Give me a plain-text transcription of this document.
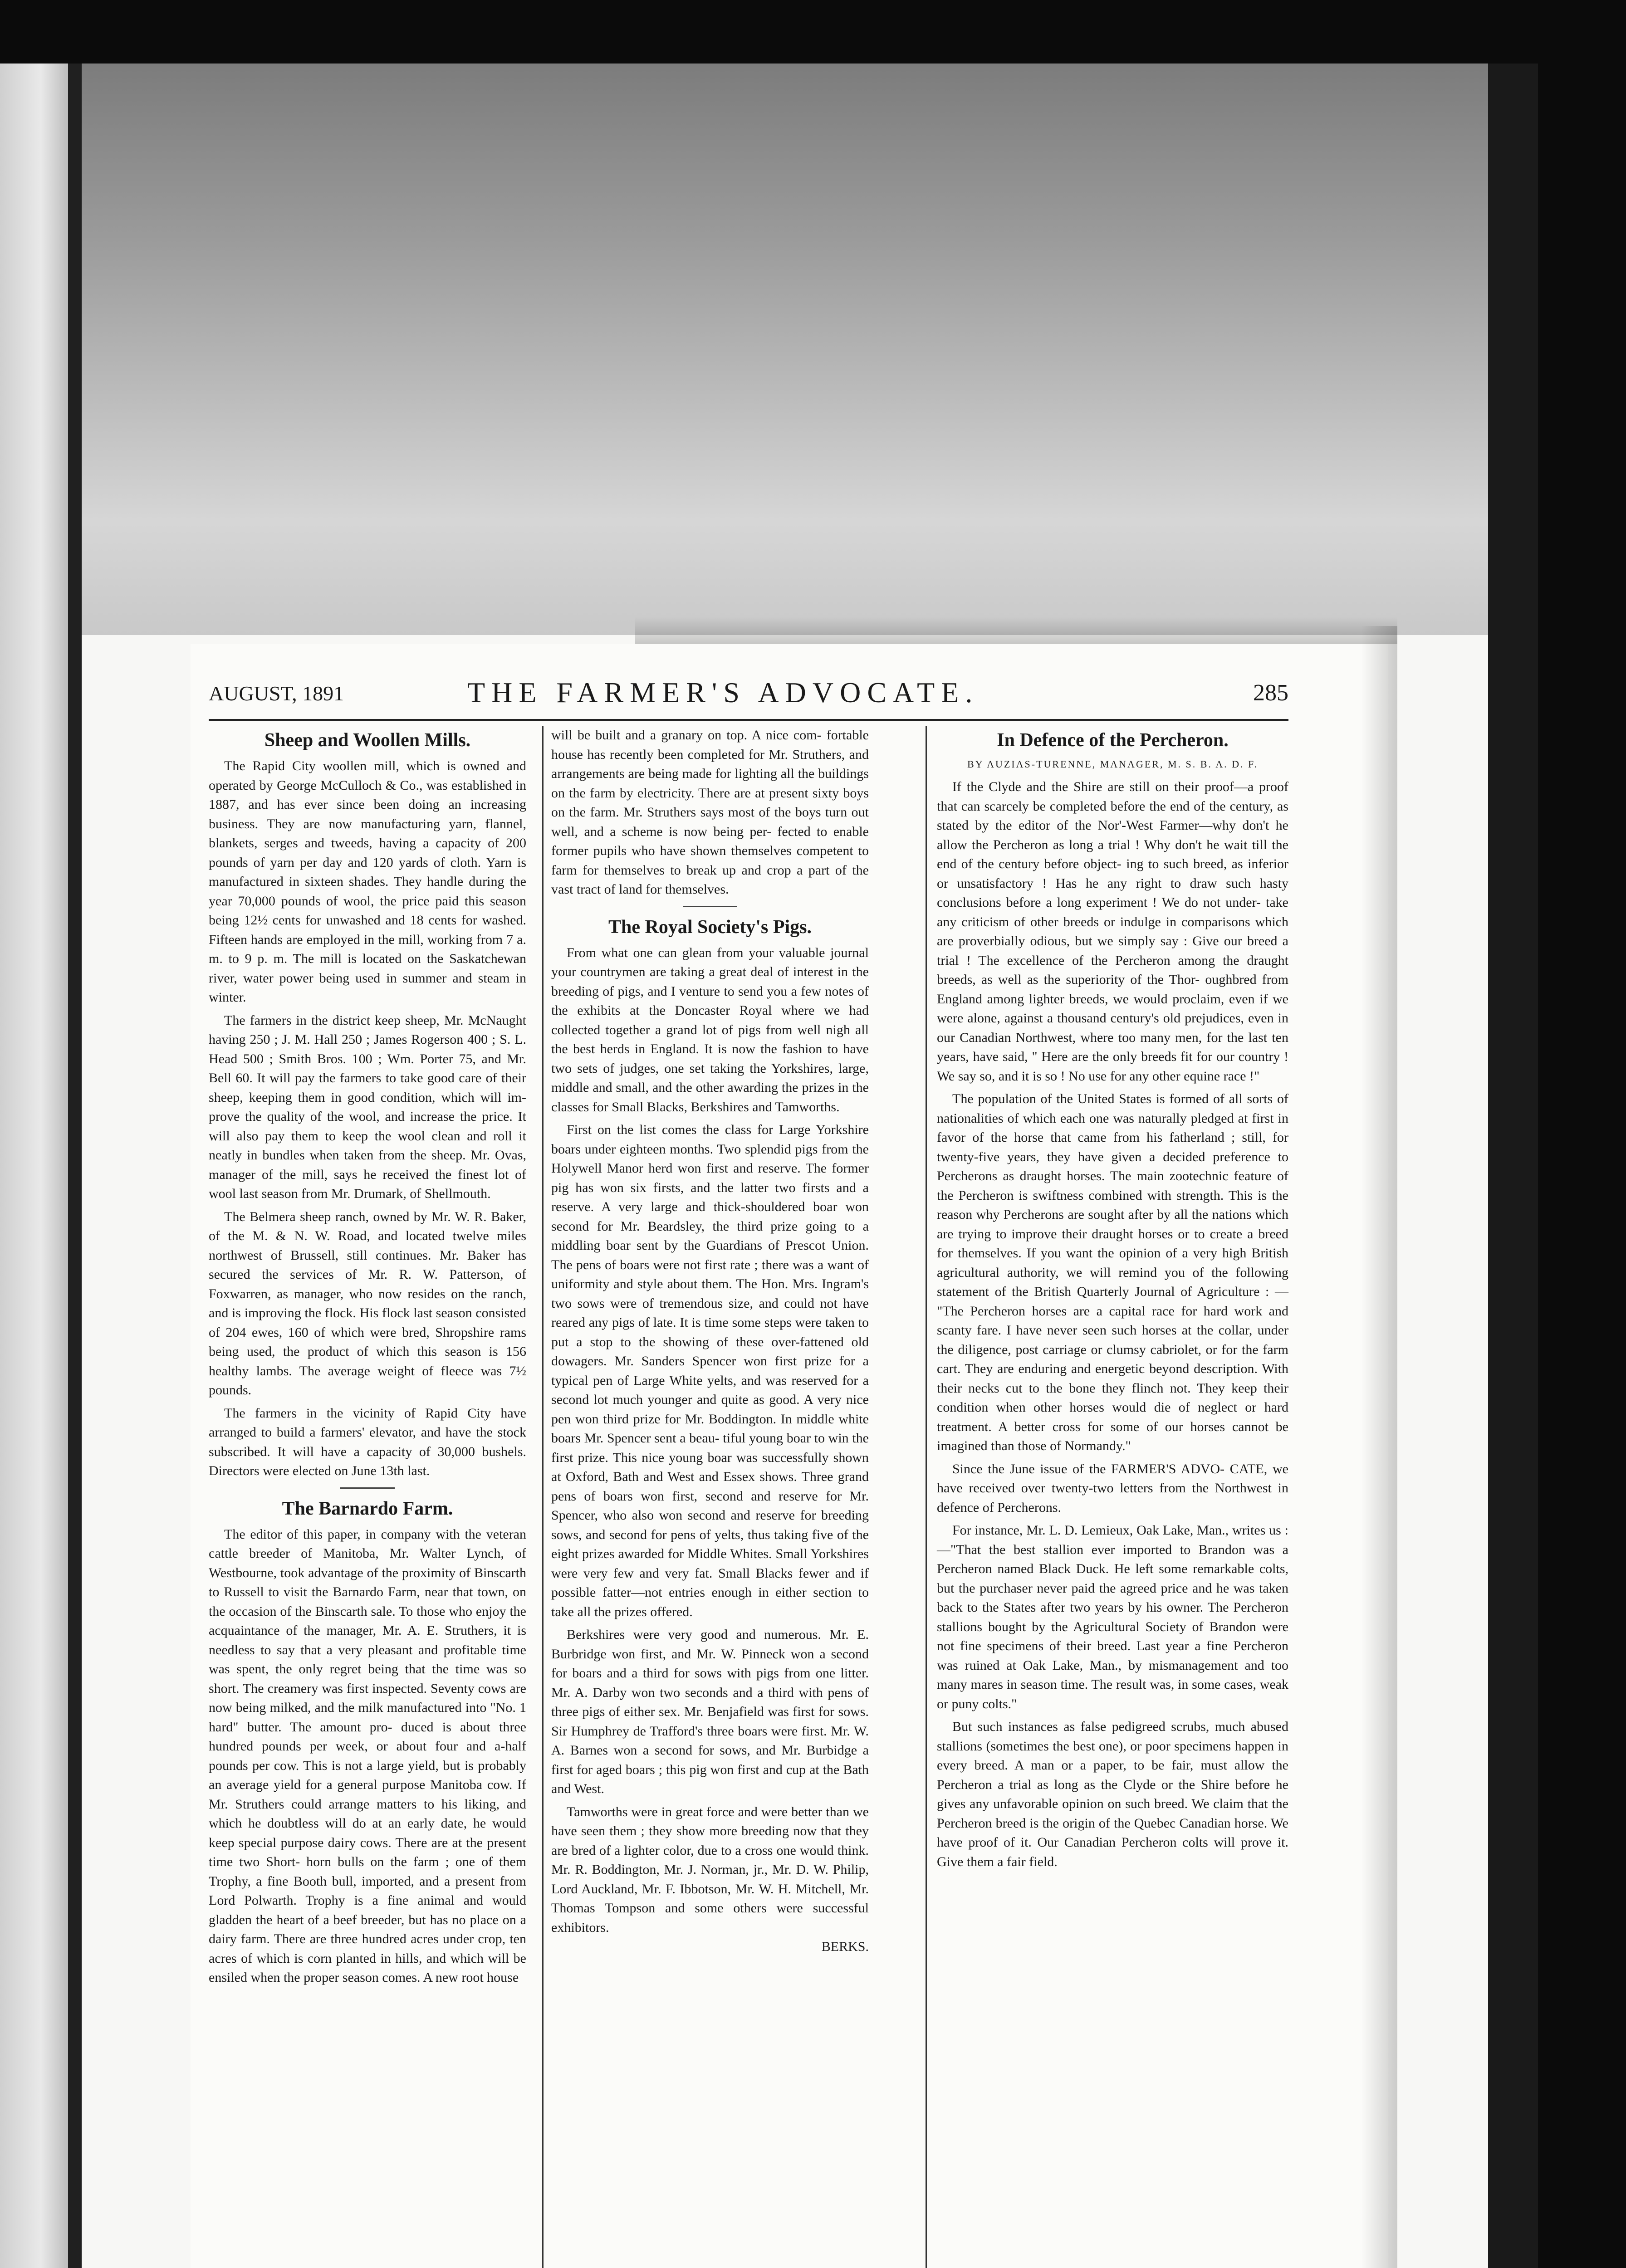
AUGUST, 1891	THE FARMER'S ADVOCATE.	285
Sheep and Woollen Mills.

The Rapid City woollen mill, which is owned and operated by George McCulloch & Co., was established in 1887, and has ever since been doing an increasing business. They are now manufacturing yarn, flannel, blankets, serges and tweeds, having a capacity of 200 pounds of yarn per day and 120 yards of cloth. Yarn is manufactured in sixteen shades. They handle during the year 70,000 pounds of wool, the price paid this season being 12½ cents for unwashed and 18 cents for washed. Fifteen hands are employed in the mill, working from 7 a. m. to 9 p. m. The mill is located on the Saskatchewan river, water power being used in summer and steam in winter.

The farmers in the district keep sheep, Mr. McNaught having 250 ; J. M. Hall 250 ; James Rogerson 400 ; S. L. Head 500 ; Smith Bros. 100 ; Wm. Porter 75, and Mr. Bell 60. It will pay the farmers to take good care of their sheep, keeping them in good condition, which will im- prove the quality of the wool, and increase the price. It will also pay them to keep the wool clean and roll it neatly in bundles when taken from the sheep. Mr. Ovas, manager of the mill, says he received the finest lot of wool last season from Mr. Drumark, of Shellmouth.

The Belmera sheep ranch, owned by Mr. W. R. Baker, of the M. & N. W. Road, and located twelve miles northwest of Brussell, still continues. Mr. Baker has secured the services of Mr. R. W. Patterson, of Foxwarren, as manager, who now resides on the ranch, and is improving the flock. His flock last season consisted of 204 ewes, 160 of which were bred, Shropshire rams being used, the product of which this season is 156 healthy lambs. The average weight of fleece was 7½ pounds.

The farmers in the vicinity of Rapid City have arranged to build a farmers' elevator, and have the stock subscribed. It will have a capacity of 30,000 bushels. Directors were elected on June 13th last.

The Barnardo Farm.

The editor of this paper, in company with the veteran cattle breeder of Manitoba, Mr. Walter Lynch, of Westbourne, took advantage of the proximity of Binscarth to Russell to visit the Barnardo Farm, near that town, on the occasion of the Binscarth sale. To those who enjoy the acquaintance of the manager, Mr. A. E. Struthers, it is needless to say that a very pleasant and profitable time was spent, the only regret being that the time was so short. The creamery was first inspected. Seventy cows are now being milked, and the milk manufactured into "No. 1 hard" butter. The amount pro- duced is about three hundred pounds per week, or about four and a-half pounds per cow. This is not a large yield, but is probably an average yield for a general purpose Manitoba cow. If Mr. Struthers could arrange matters to his liking, and which he doubtless will do at an early date, he would keep special purpose dairy cows. There are at the present time two Short- horn bulls on the farm ; one of them Trophy, a fine Booth bull, imported, and a present from Lord Polwarth. Trophy is a fine animal and would gladden the heart of a beef breeder, but has no place on a dairy farm. There are three hundred acres under crop, ten acres of which is corn planted in hills, and which will be ensiled when the proper season comes. A new root house

will be built and a granary on top. A nice com- fortable house has recently been completed for Mr. Struthers, and arrangements are being made for lighting all the buildings on the farm by electricity. There are at present sixty boys on the farm. Mr. Struthers says most of the boys turn out well, and a scheme is now being per- fected to enable former pupils who have shown themselves competent to farm for themselves to break up and crop a part of the vast tract of land for themselves.

The Royal Society's Pigs.

From what one can glean from your valuable journal your countrymen are taking a great deal of interest in the breeding of pigs, and I venture to send you a few notes of the exhibits at the Doncaster Royal where we had collected together a grand lot of pigs from well nigh all the best herds in England. It is now the fashion to have two sets of judges, one set taking the Yorkshires, large, middle and small, and the other awarding the prizes in the classes for Small Blacks, Berkshires and Tamworths.

First on the list comes the class for Large Yorkshire boars under eighteen months. Two splendid pigs from the Holywell Manor herd won first and reserve. The former pig has won six firsts, and the latter two firsts and a reserve. A very large and thick-shouldered boar won second for Mr. Beardsley, the third prize going to a middling boar sent by the Guardians of Prescot Union. The pens of boars were not first rate ; there was a want of uniformity and style about them. The Hon. Mrs. Ingram's two sows were of tremendous size, and could not have reared any pigs of late. It is time some steps were taken to put a stop to the showing of these over-fattened old dowagers. Mr. Sanders Spencer won first prize for a typical pen of Large White yelts, and was reserved for a second lot much younger and quite as good. A very nice pen won third prize for Mr. Boddington. In middle white boars Mr. Spencer sent a beau- tiful young boar to win the first prize. This nice young boar was successfully shown at Oxford, Bath and West and Essex shows. Three grand pens of boars won first, second and reserve for Mr. Spencer, who also won second and reserve for breeding sows, and second for pens of yelts, thus taking five of the eight prizes awarded for Middle Whites. Small Yorkshires were very few and very fat. Small Blacks fewer and if possible fatter—not entries enough in either section to take all the prizes offered.

Berkshires were very good and numerous. Mr. E. Burbridge won first, and Mr. W. Pinneck won a second for boars and a third for sows with pigs from one litter. Mr. A. Darby won two seconds and a third with pens of three pigs of either sex. Mr. Benjafield was first for sows. Sir Humphrey de Trafford's three boars were first. Mr. W. A. Barnes won a second for sows, and Mr. Burbidge a first for aged boars ; this pig won first and cup at the Bath and West.

Tamworths were in great force and were better than we have seen them ; they show more breeding now that they are bred of a lighter color, due to a cross one would think. Mr. R. Boddington, Mr. J. Norman, jr., Mr. D. W. Philip, Lord Auckland, Mr. F. Ibbotson, Mr. W. H. Mitchell, Mr. Thomas Tompson and some others were successful exhibitors.

BERKS.

In Defence of the Percheron.

BY AUZIAS-TURENNE, MANAGER, M. S. B. A. D. F.

If the Clyde and the Shire are still on their proof—a proof that can scarcely be completed before the end of the century, as stated by the editor of the Nor'-West Farmer—why don't he allow the Percheron as long a trial ! Why don't he wait till the end of the century before object- ing to such breed, as inferior or unsatisfactory ! Has he any right to draw such hasty conclusions before a long experiment ! We do not under- take any criticism of other breeds or indulge in comparisons which are proverbially odious, but we simply say : Give our breed a trial ! The excellence of the Percheron among the draught breeds, as well as the superiority of the Thor- oughbred from England among lighter breeds, we would proclaim, even if we were alone, against a thousand century's old prejudices, even in our Canadian Northwest, where too many men, for the last ten years, have said, " Here are the only breeds fit for our country ! We say so, and it is so ! No use for any other equine race !"

The population of the United States is formed of all sorts of nationalities of which each one was naturally pledged at first in favor of the horse that came from his fatherland ; still, for twenty-five years, they have given a decided preference to Percherons as draught horses. The main zootechnic feature of the Percheron is swiftness combined with strength. This is the reason why Percherons are sought after by all the nations which are trying to improve their draught horses or to create a breed for themselves. If you want the opinion of a very high British agricultural authority, we will remind you of the following statement of the British Quarterly Journal of Agriculture : — "The Percheron horses are a capital race for hard work and scanty fare. I have never seen such horses at the collar, under the diligence, post carriage or clumsy cabriolet, or for the farm cart. They are enduring and energetic beyond description. With their necks cut to the bone they flinch not. They keep their condition when other horses would die of neglect or hard treatment. A better cross for some of our horses cannot be imagined than those of Normandy."

Since the June issue of the FARMER'S ADVO- CATE, we have received over twenty-two letters from the Northwest in defence of Percherons.

For instance, Mr. L. D. Lemieux, Oak Lake, Man., writes us :—"That the best stallion ever imported to Brandon was a Percheron named Black Duck. He left some remarkable colts, but the purchaser never paid the agreed price and he was taken back to the States after two years by his owner. The Percheron stallions bought by the Agricultural Society of Brandon were not fine specimens of their breed. Last year a fine Percheron was ruined at Oak Lake, Man., by mismanagement and too many mares in season time. The result was, in some cases, weak or puny colts."

But such instances as false pedigreed scrubs, much abused stallions (sometimes the best one), or poor specimens happen in every breed. A man or a paper, to be fair, must allow the Percheron a trial as long as the Clyde or the Shire before he gives any unfavorable opinion on such breed. We claim that the Percheron breed is the origin of the Quebec Canadian horse. We have proof of it. Our Canadian Percheron colts will prove it. Give them a fair field.
